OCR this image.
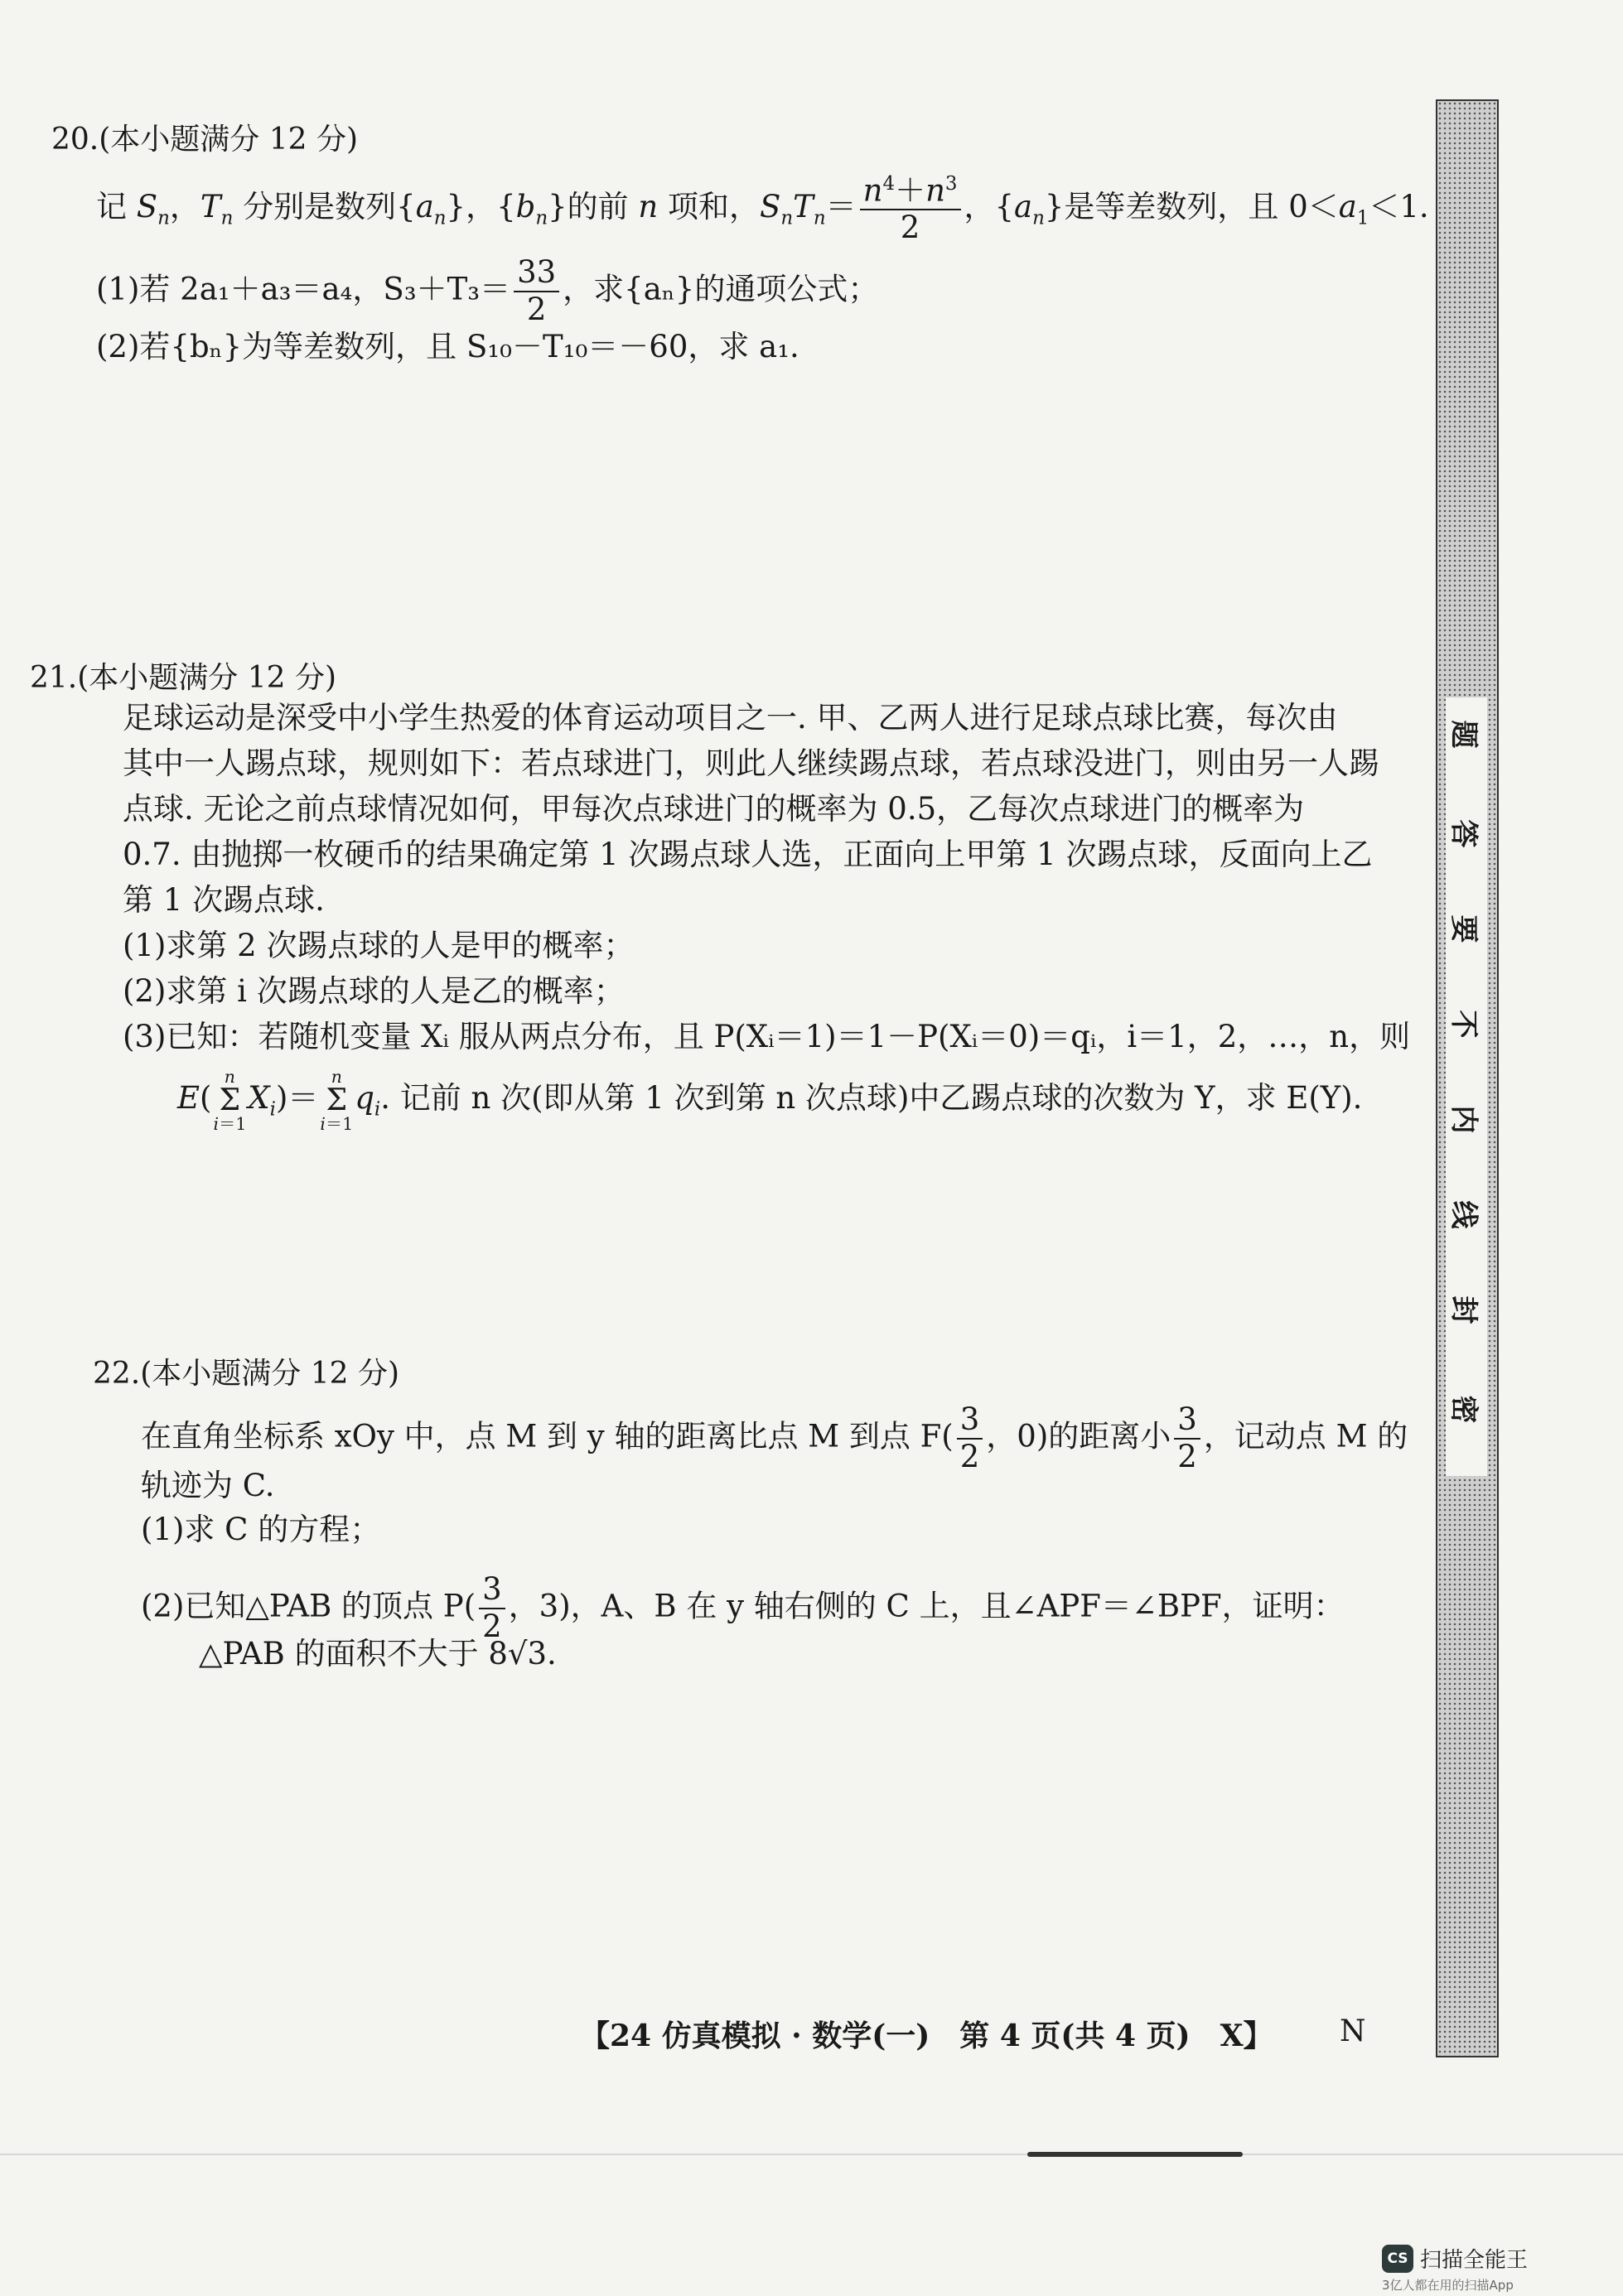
20.(本小题满分 12 分)
记 $S_n$，$T_n$ 分别是数列$\{a_n\}$，$\{b_n\}$的前 n 项和，$S_nT_n= \frac{n^4+n^3}{2}$ ，$\{a_n\}$是等差数列，且 $0<a_1<1$.
(1)若 2a₁＋a₃＝a₄，$S_3+T_3= \frac{33}{2}$ ，求{aₙ}的通项公式；
(2)若{bₙ}为等差数列，且 S₁₀－T₁₀＝－60，求 a₁.
21.(本小题满分 12 分)
足球运动是深受中小学生热爱的体育运动项目之一. 甲、乙两人进行足球点球比赛，每次由
其中一人踢点球，规则如下：若点球进门，则此人继续踢点球，若点球没进门，则由另一人踢
点球. 无论之前点球情况如何，甲每次点球进门的概率为 0.5，乙每次点球进门的概率为
0.7. 由抛掷一枚硬币的结果确定第 1 次踢点球人选，正面向上甲第 1 次踢点球，反面向上乙
第 1 次踢点球.
(1)求第 2 次踢点球的人是甲的概率；
(2)求第 i 次踢点球的人是乙的概率；
(3)已知：若随机变量 Xᵢ 服从两点分布，且 P(Xᵢ＝1)＝1－P(Xᵢ＝0)＝qᵢ，i＝1，2，…，n，则
E(
n
Σ
i＝1
$X_i)=$
n
Σ
i＝1
$q_i$. 记前 n 次(即从第 1 次到第 n 次点球)中乙踢点球的次数为 Y，求 E(Y).
22.(本小题满分 12 分)
在直角坐标系 xOy 中，点 M 到 y 轴的距离比点 M 到点 $F( \frac{3}{2}$ ，0)的距离小 $\frac{3}{2}$ ，记动点 M 的
轨迹为 C.
(1)求 C 的方程；
(2)已知△PAB 的顶点 $P( \frac{3}{2}$ ，3)，A、B 在 y 轴右侧的 C 上，且∠APF＝∠BPF，证明：
△PAB 的面积不大于 8√3.
题
答
要
不
内
线
封
密
【24 仿真模拟 · 数学(一)　第 4 页(共 4 页)　X】 N
CS 扫描全能王
3亿人都在用的扫描App
